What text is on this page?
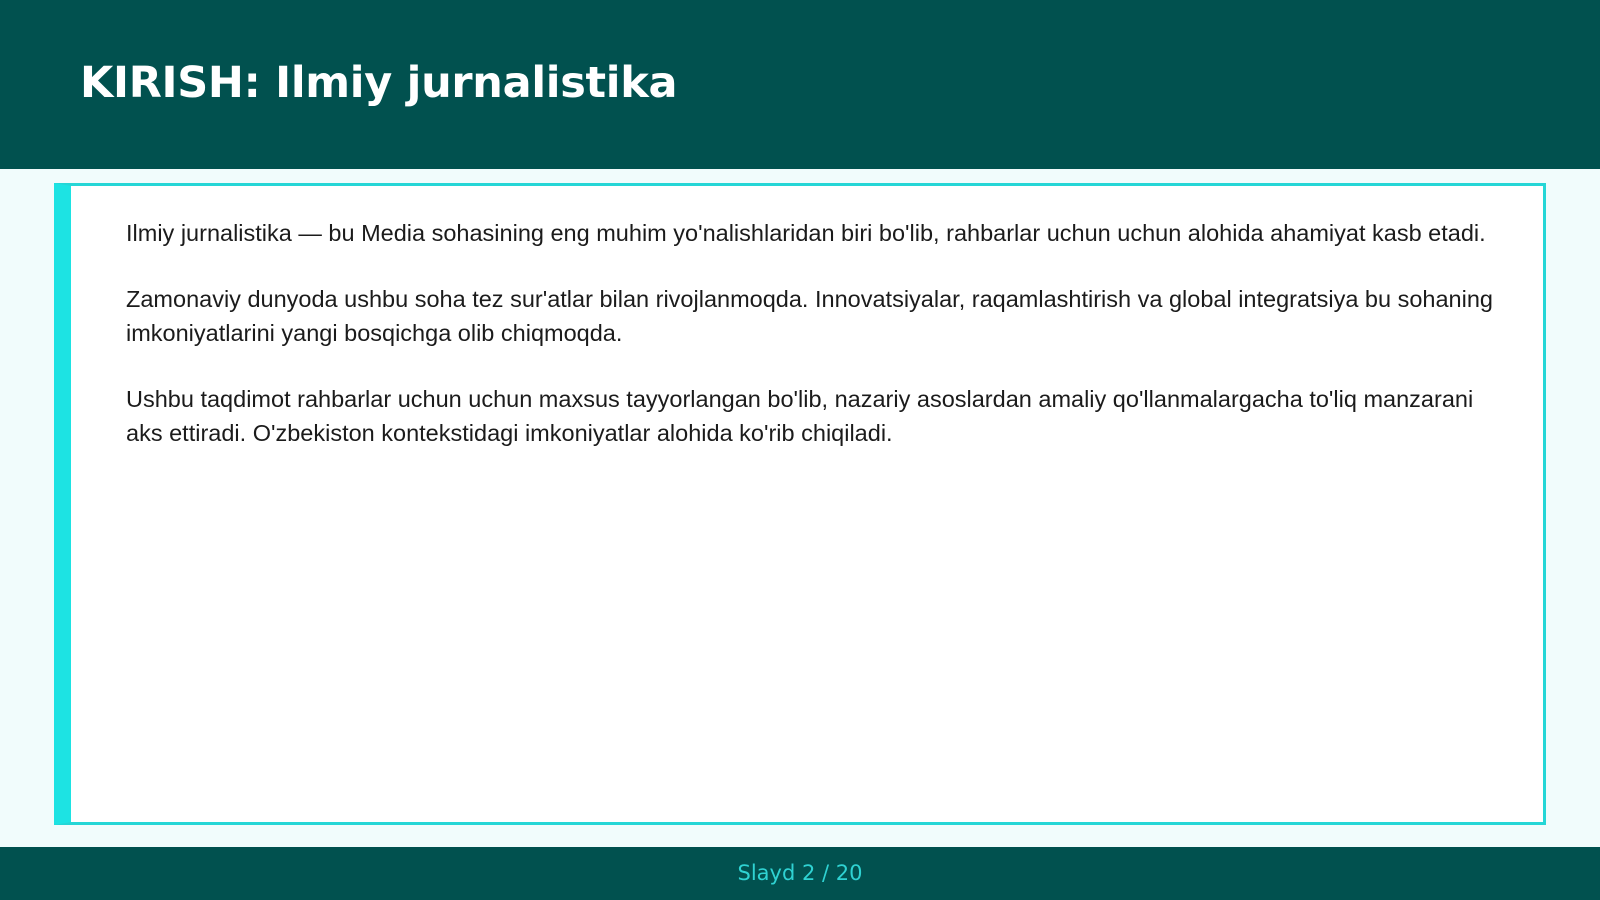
KIRISH: Ilmiy jurnalistika

Ilmiy jurnalistika — bu Media sohasining eng muhim yo'nalishlaridan biri bo'lib, rahbarlar uchun uchun alohida ahamiyat kasb etadi.

Zamonaviy dunyoda ushbu soha tez sur'atlar bilan rivojlanmoqda. Innovatsiyalar, raqamlashtirish va global integratsiya bu sohaning imkoniyatlarini yangi bosqichga olib chiqmoqda.

Ushbu taqdimot rahbarlar uchun uchun maxsus tayyorlangan bo'lib, nazariy asoslardan amaliy qo'llanmalargacha to'liq manzarani aks ettiradi. O'zbekiston kontekstidagi imkoniyatlar alohida ko'rib chiqiladi.

Slayd 2 / 20
